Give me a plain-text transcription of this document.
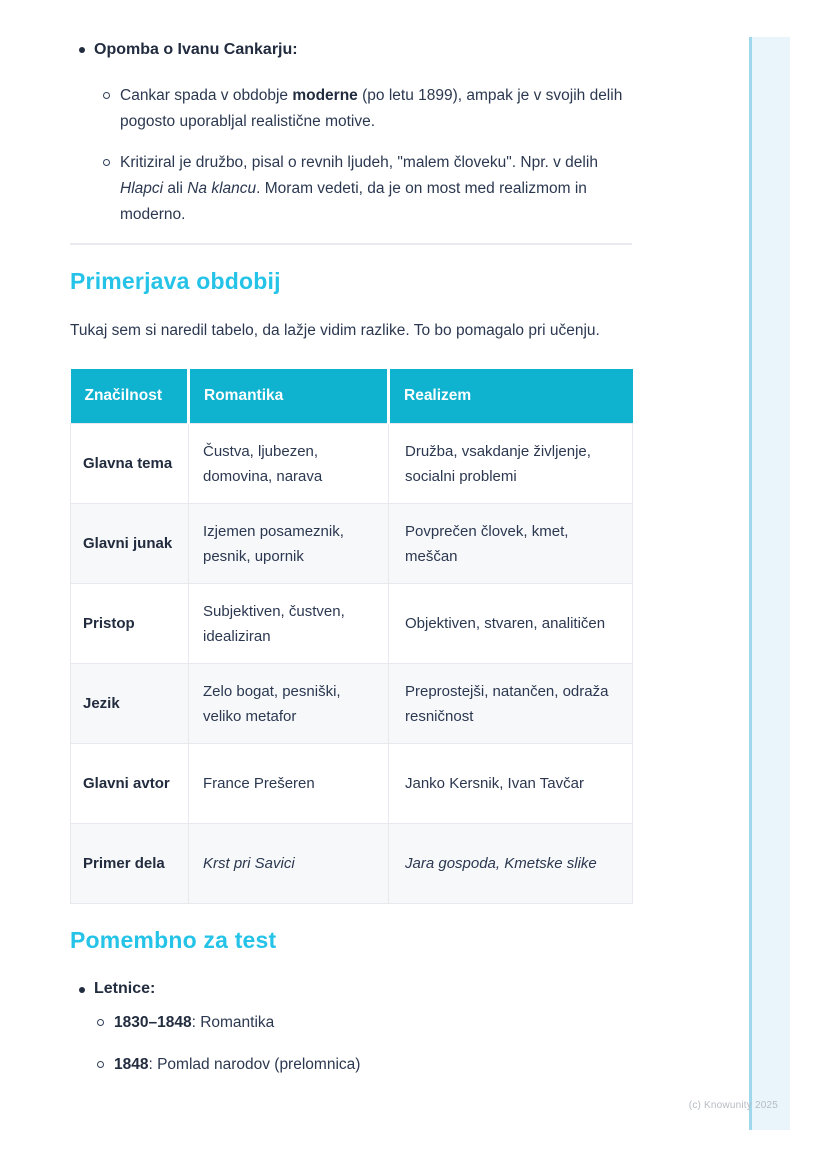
(c) Knowunity 2025
Opomba o Ivanu Cankarju:
Cankar spada v obdobje moderne (po letu 1899), ampak je v svojih delih pogosto uporabljal realistične motive.
Kritiziral je družbo, pisal o revnih ljudeh, "malem človeku". Npr. v delih Hlapci ali Na klancu. Moram vedeti, da je on most med realizmom in moderno.
Primerjava obdobij

Tukaj sem si naredil tabelo, da lažje vidim razlike. To bo pomagalo pri učenju.

Značilnost	Romantika	Realizem
Glavna tema	Čustva, ljubezen, domovina, narava	Družba, vsakdanje življenje, socialni problemi
Glavni junak	Izjemen posameznik, pesnik, upornik	Povprečen človek, kmet, meščan
Pristop	Subjektiven, čustven, idealiziran	Objektiven, stvaren, analitičen
Jezik	Zelo bogat, pesniški, veliko metafor	Preprostejši, natančen, odraža resničnost
Glavni avtor	France Prešeren	Janko Kersnik, Ivan Tavčar
Primer dela	Krst pri Savici	Jara gospoda, Kmetske slike
Pomembno za test
Letnice:
1830–1848: Romantika
1848: Pomlad narodov (prelomnica)
